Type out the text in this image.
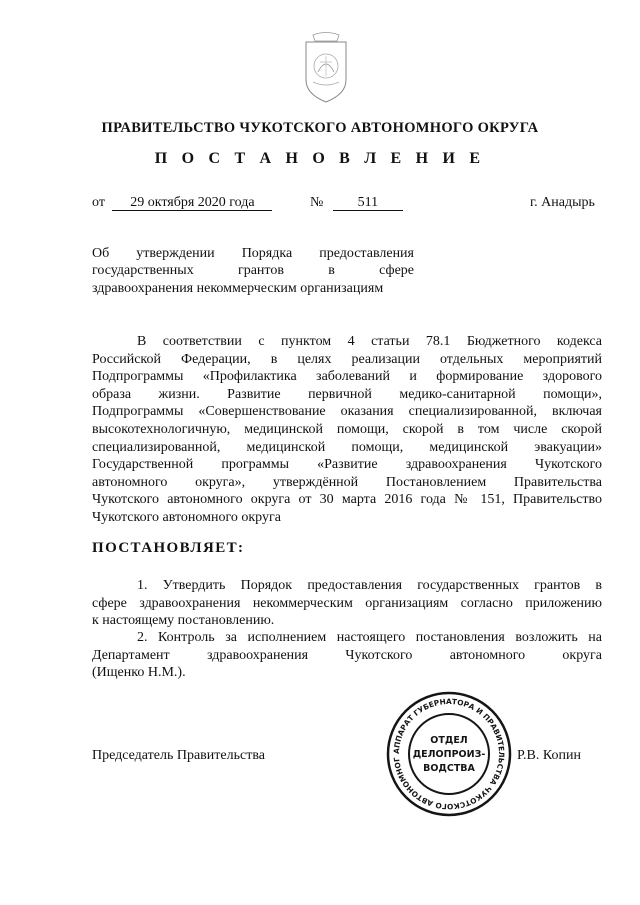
ПРАВИТЕЛЬСТВО ЧУКОТСКОГО АВТОНОМНОГО ОКРУГА
П О С Т А Н О В Л Е Н И Е
от 29 октября 2020 года	№ 511	г. Анадырь
Об утверждении Порядка предоставления
государственных грантов в сфере
здравоохранения некоммерческим организациям
В соответствии с пунктом 4 статьи 78.1 Бюджетного кодекса
Российской Федерации, в целях реализации отдельных мероприятий
Подпрограммы «Профилактика заболеваний и формирование здорового
образа жизни. Развитие первичной медико-санитарной помощи»,
Подпрограммы «Совершенствование оказания специализированной, включая
высокотехнологичную, медицинской помощи, скорой в том числе скорой
специализированной, медицинской помощи, медицинской эвакуации»
Государственной программы «Развитие здравоохранения Чукотского
автономного округа», утверждённой Постановлением Правительства
Чукотского автономного округа от 30 марта 2016 года № 151, Правительство
Чукотского автономного округа
ПОСТАНОВЛЯЕТ:
1. Утвердить Порядок предоставления государственных грантов в
сфере здравоохранения некоммерческим организациям согласно приложению
к настоящему постановлению.
2. Контроль за исполнением настоящего постановления возложить на
Департамент здравоохранения Чукотского автономного округа
(Ищенко Н.М.).
Председатель Правительства	Р.В. Копин
АППАРАТ ГУБЕРНАТОРА И ПРАВИТЕЛЬСТВА ЧУКОТСКОГО АВТОНОМНОГ
ОТДЕЛ
ДЕЛОПРОИЗ-
ВОДСТВА
